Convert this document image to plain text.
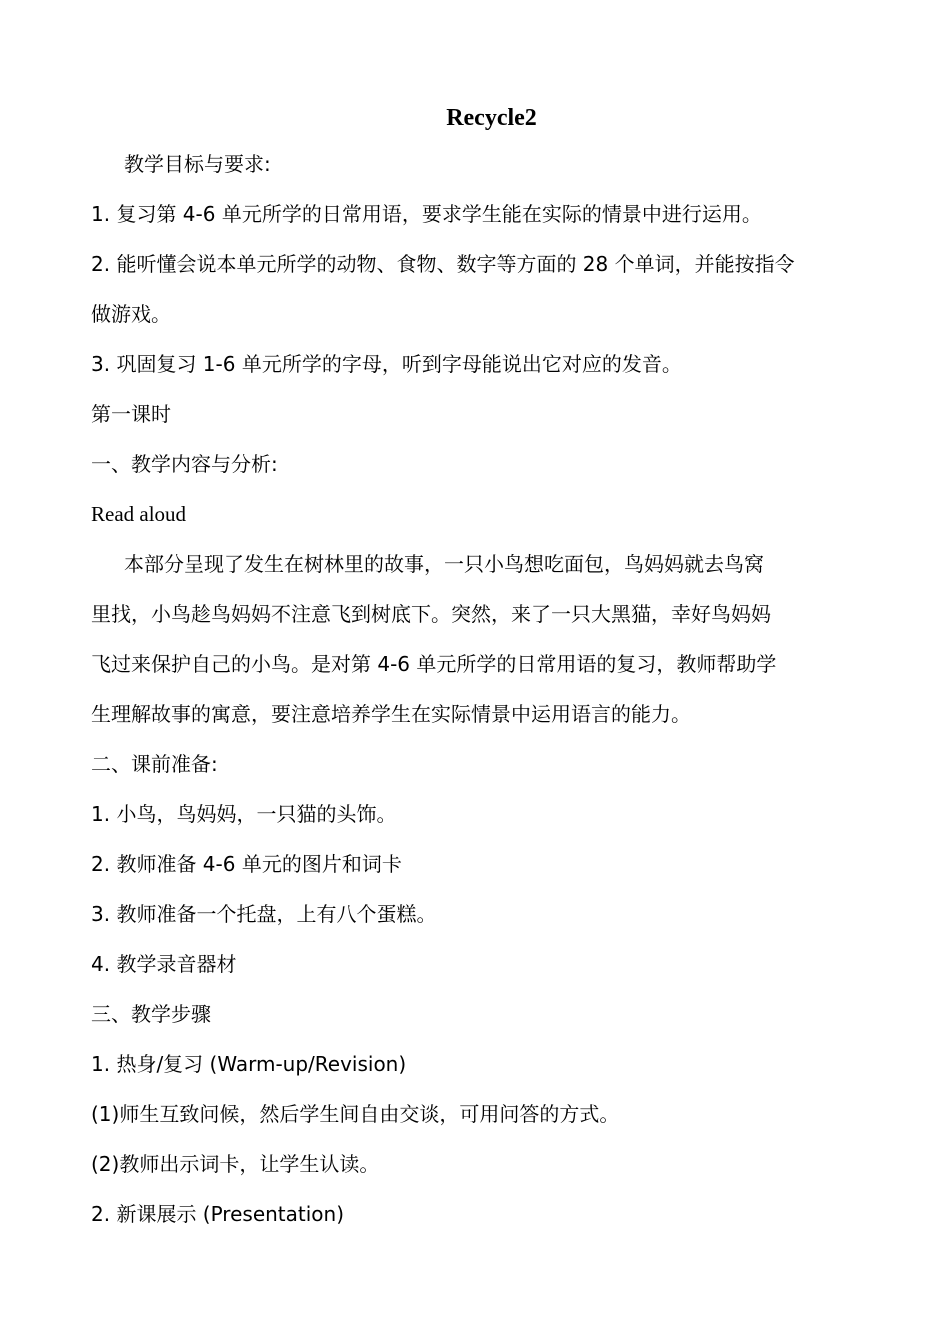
Recycle2

教学目标与要求:

1. 复习第 4-6 单元所学的日常用语，要求学生能在实际的情景中进行运用。

2. 能听懂会说本单元所学的动物、食物、数字等方面的 28 个单词，并能按指令

做游戏。

3. 巩固复习 1-6 单元所学的字母，听到字母能说出它对应的发音。

第一课时

一、教学内容与分析:

Read aloud

本部分呈现了发生在树林里的故事，一只小鸟想吃面包，鸟妈妈就去鸟窝

里找，小鸟趁鸟妈妈不注意飞到树底下。突然，来了一只大黑猫，幸好鸟妈妈

飞过来保护自己的小鸟。是对第 4-6 单元所学的日常用语的复习，教师帮助学

生理解故事的寓意，要注意培养学生在实际情景中运用语言的能力。

二、课前准备:

1. 小鸟，鸟妈妈，一只猫的头饰。

2. 教师准备 4-6 单元的图片和词卡

3. 教师准备一个托盘，上有八个蛋糕。

4. 教学录音器材

三、教学步骤

1. 热身/复习 (Warm-up/Revision)

(1)师生互致问候，然后学生间自由交谈，可用问答的方式。

(2)教师出示词卡，让学生认读。

2. 新课展示 (Presentation)
